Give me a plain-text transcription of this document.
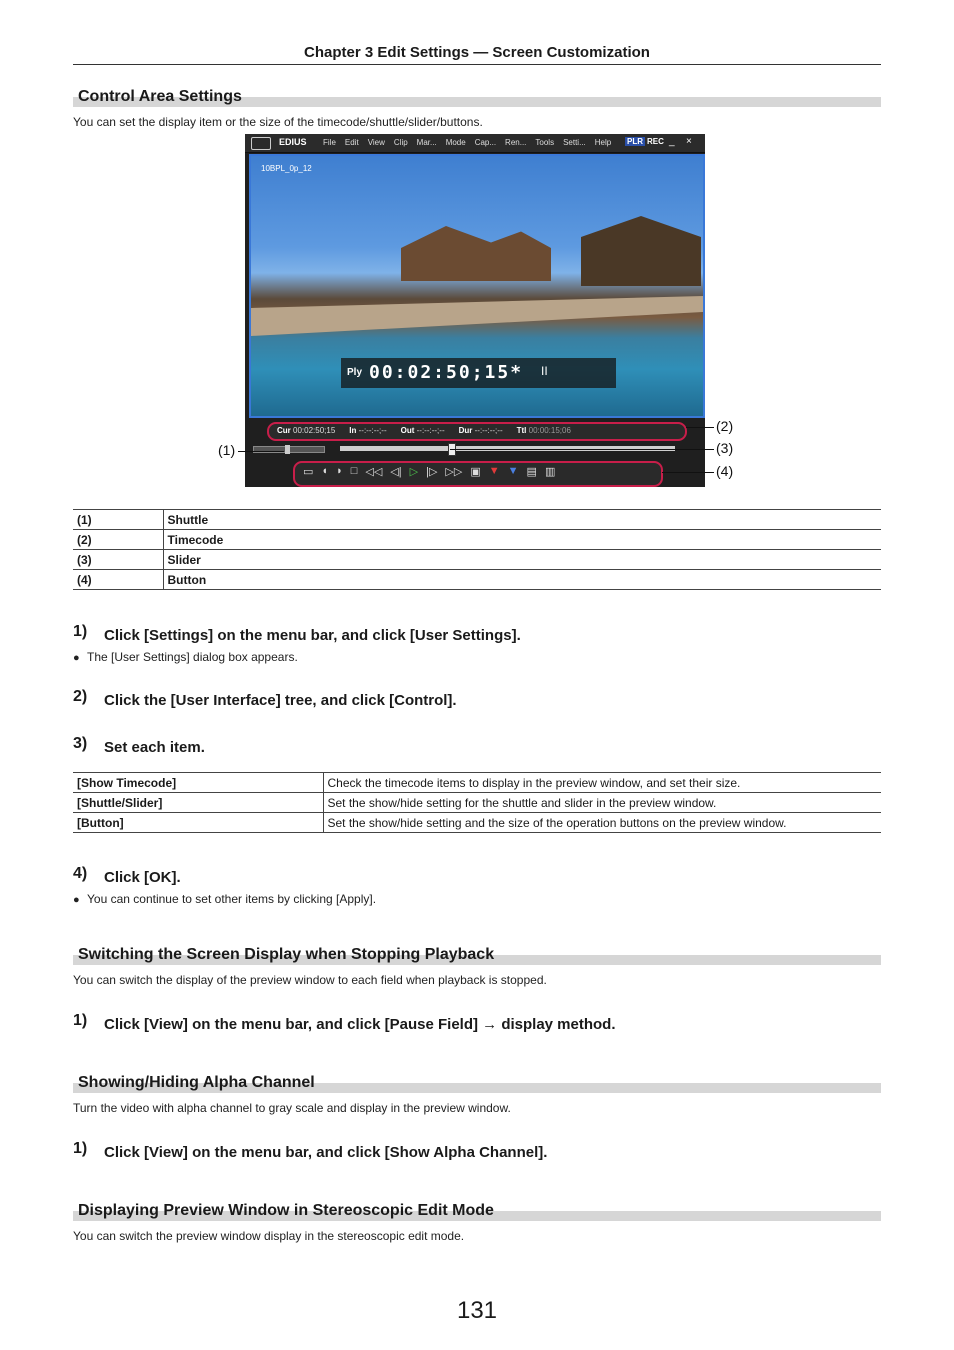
Chapter 3 Edit Settings — Screen Customization
Control Area Settings
You can set the display item or the size of the timecode/shuttle/slider/buttons.
EDIUS File Edit View Clip Mar... Mode Cap... Ren... Tools Setti... Help PLR REC _ ×
10BPL_0p_12
Ply 00:02:50;15* II
Cur 00:02:50;15 In --:--:--;-- Out --:--:--;-- Dur --:--:--;-- Ttl 00:00:15;06
▭ ◖ ◗ □ ◁◁ ◁| ▷ |▷ ▷▷ ▣ ▼ ▼ ▤ ▥
(2)
(3)
(4)
(1)
(1)	Shuttle
(2)	Timecode
(3)	Slider
(4)	Button
1) Click [Settings] on the menu bar, and click [User Settings].
● The [User Settings] dialog box appears.
2) Click the [User Interface] tree, and click [Control].
3) Set each item.
[Show Timecode]	Check the timecode items to display in the preview window, and set their size.
[Shuttle/Slider]	Set the show/hide setting for the shuttle and slider in the preview window.
[Button]	Set the show/hide setting and the size of the operation buttons on the preview window.
4) Click [OK].
● You can continue to set other items by clicking [Apply].
Switching the Screen Display when Stopping Playback
You can switch the display of the preview window to each field when playback is stopped.
1) Click [View] on the menu bar, and click [Pause Field] → display method.
Showing/Hiding Alpha Channel
Turn the video with alpha channel to gray scale and display in the preview window.
1) Click [View] on the menu bar, and click [Show Alpha Channel].
Displaying Preview Window in Stereoscopic Edit Mode
You can switch the preview window display in the stereoscopic edit mode.
131
